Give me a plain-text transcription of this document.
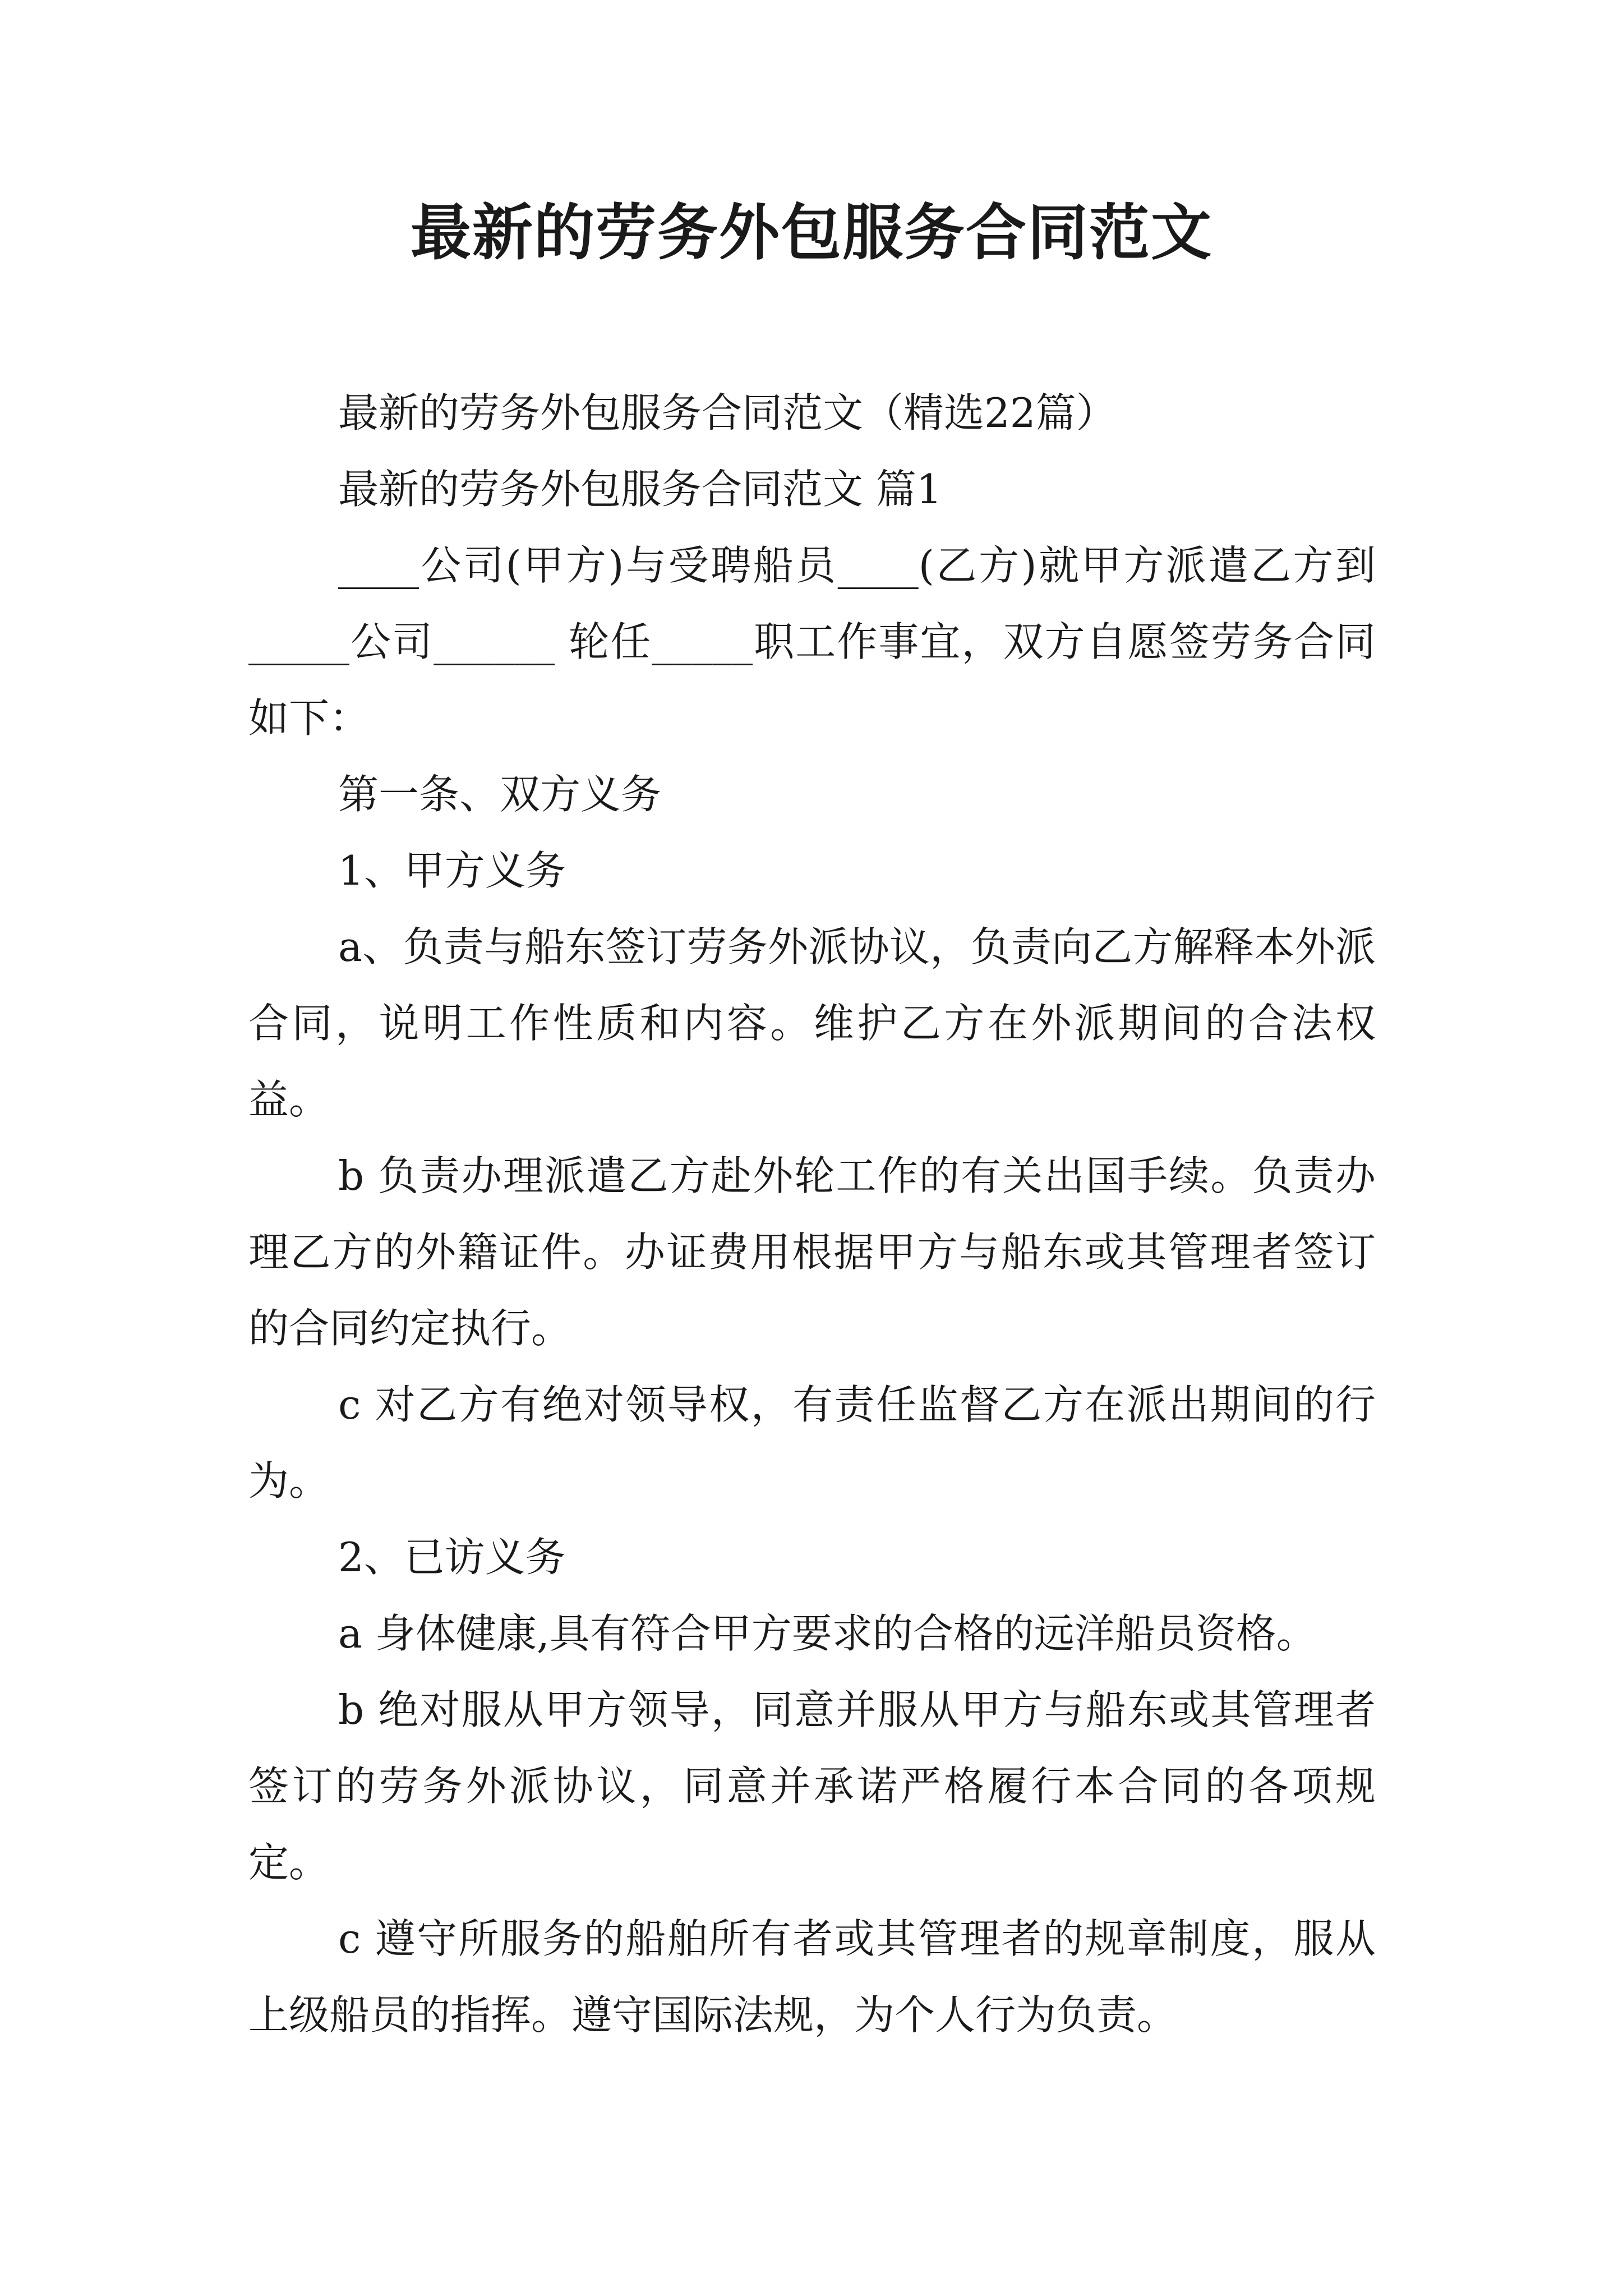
最新的劳务外包服务合同范文

最新的劳务外包服务合同范文（精选22篇）

最新的劳务外包服务合同范文 篇1

____公司(甲方)与受聘船员____(乙方)就甲方派遣乙方到_____公司______ 轮任_____职工作事宜，双方自愿签劳务合同如下：

第一条、双方义务

1、甲方义务

a、负责与船东签订劳务外派协议，负责向乙方解释本外派合同，说明工作性质和内容。维护乙方在外派期间的合法权益。

b 负责办理派遣乙方赴外轮工作的有关出国手续。负责办理乙方的外籍证件。办证费用根据甲方与船东或其管理者签订的合同约定执行。

c 对乙方有绝对领导权，有责任监督乙方在派出期间的行为。

2、已访义务

a 身体健康,具有符合甲方要求的合格的远洋船员资格。

b 绝对服从甲方领导，同意并服从甲方与船东或其管理者签订的劳务外派协议，同意并承诺严格履行本合同的各项规定。

c 遵守所服务的船舶所有者或其管理者的规章制度，服从上级船员的指挥。遵守国际法规，为个人行为负责。
